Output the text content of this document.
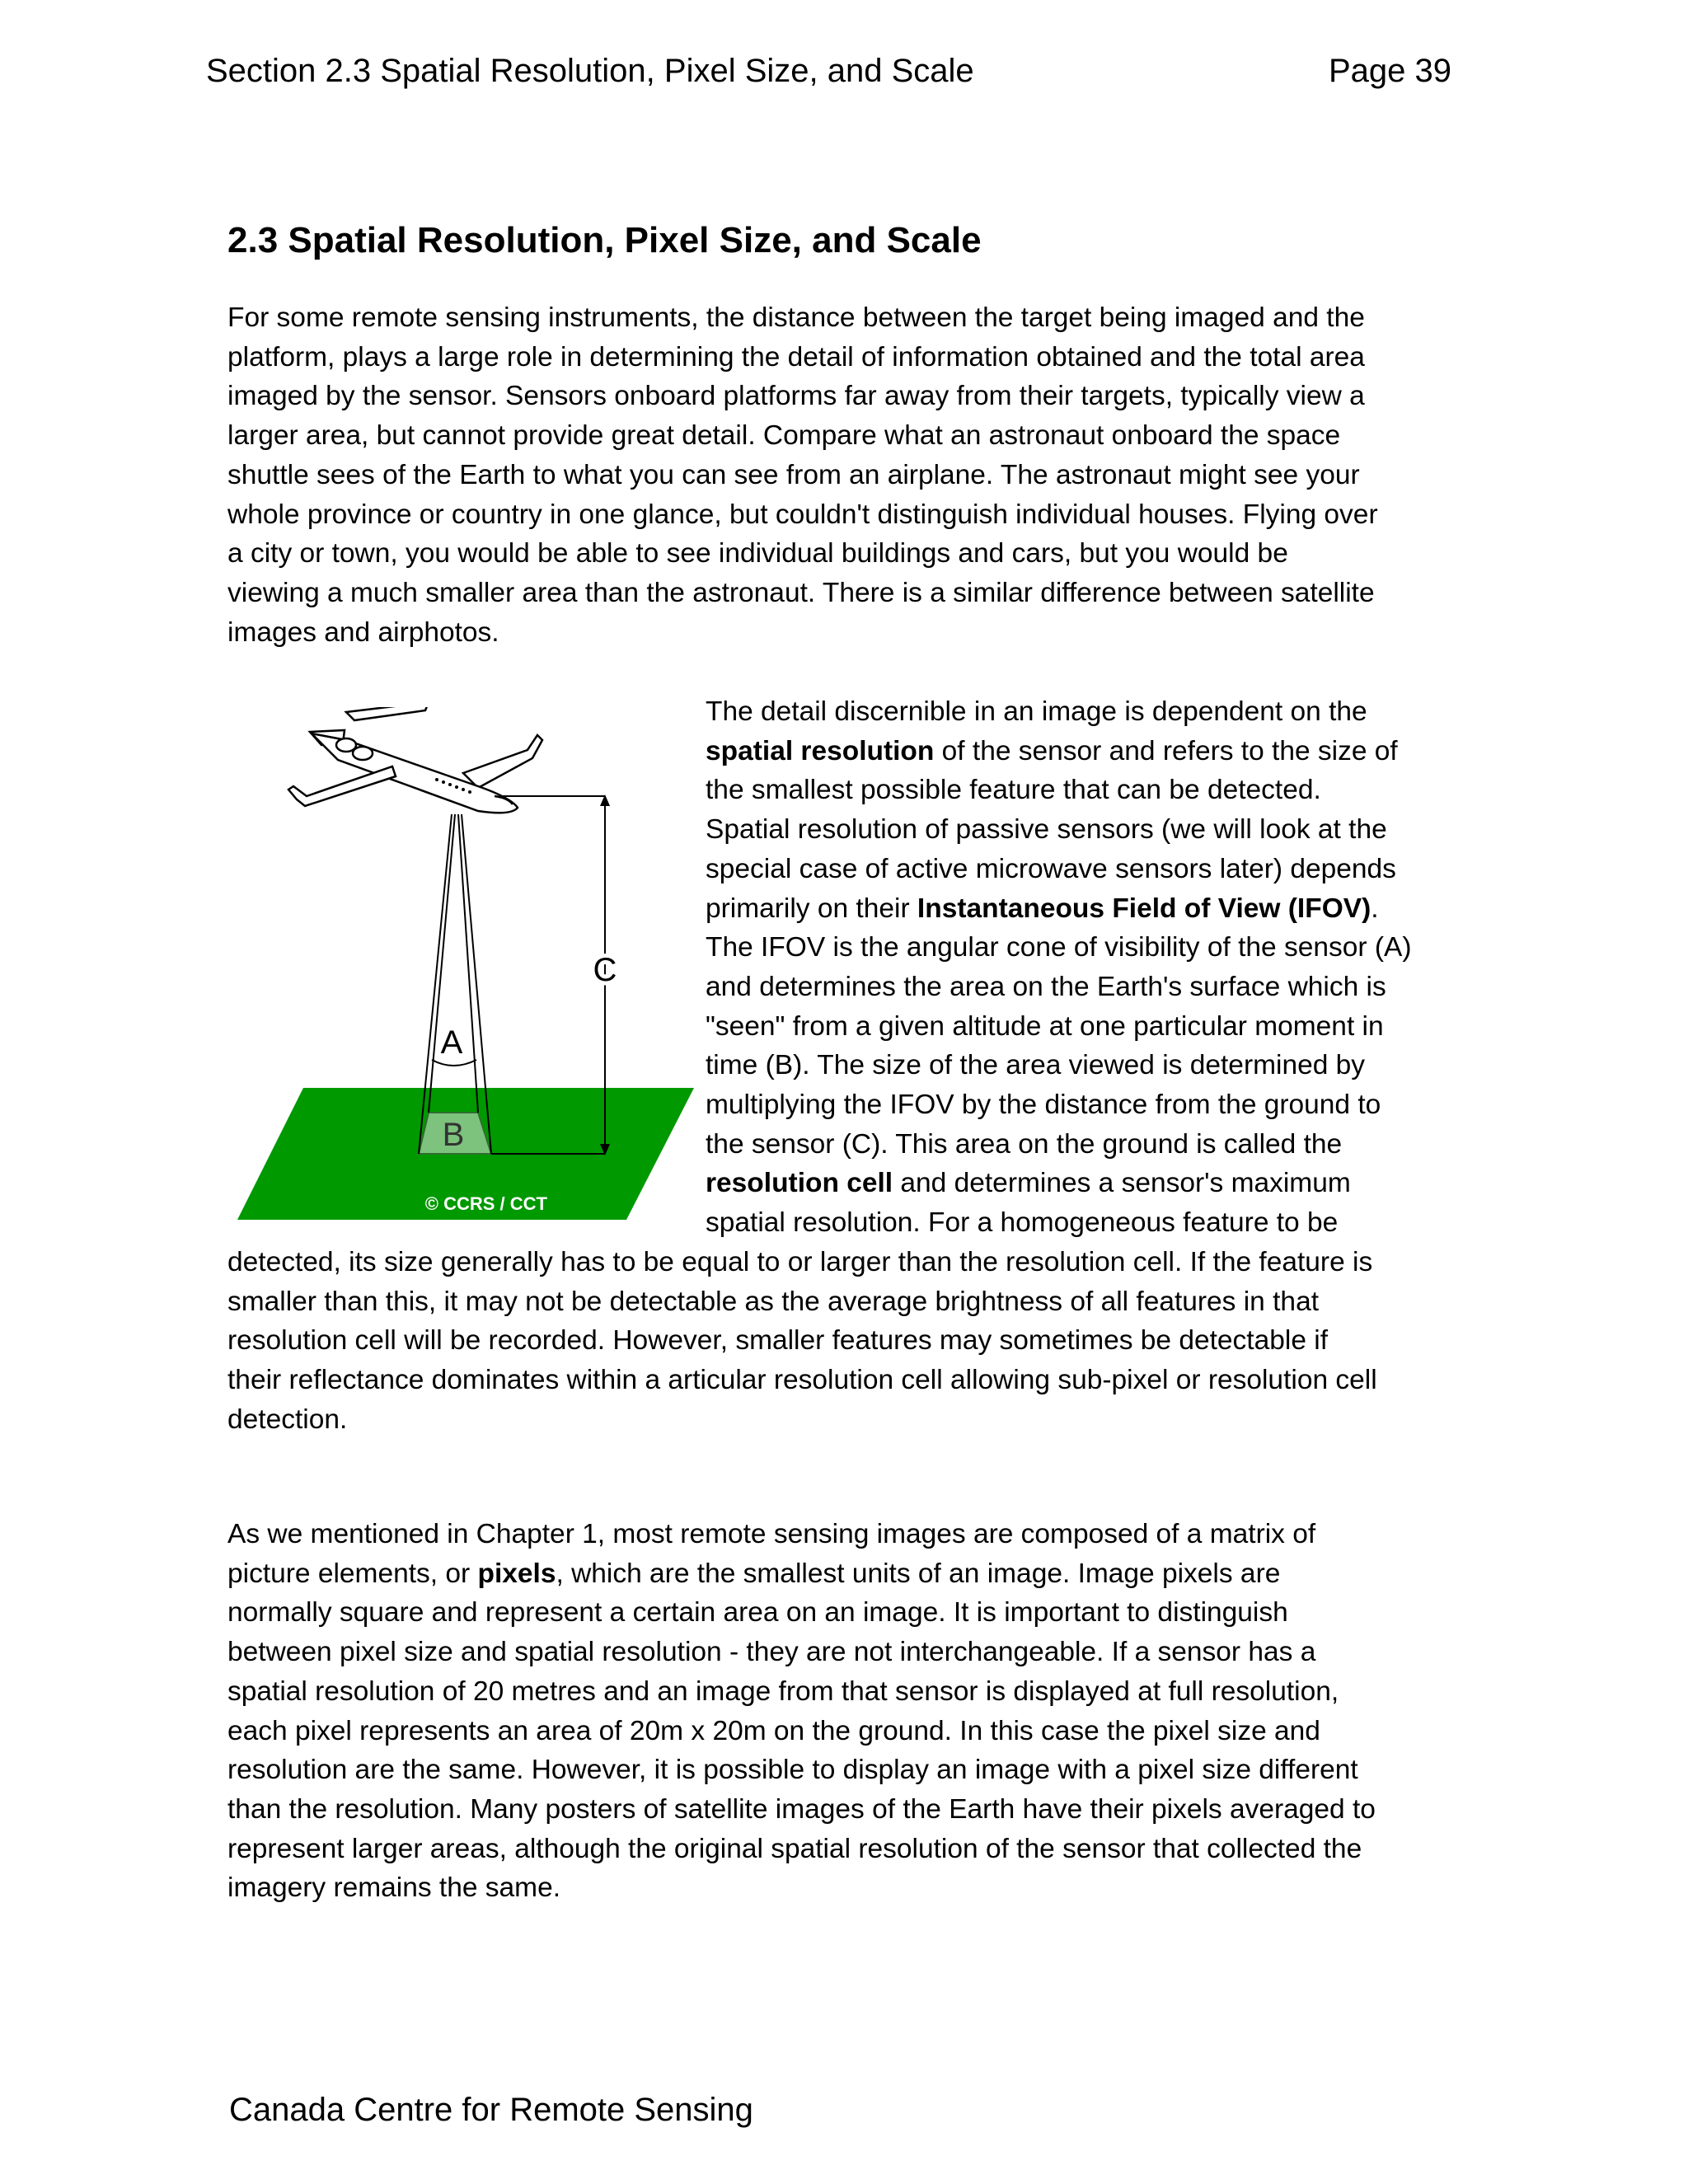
Section 2.3 Spatial Resolution, Pixel Size, and Scale	Page 39
2.3 Spatial Resolution, Pixel Size, and Scale
For some remote sensing instruments, the distance between the target being imaged and the
platform, plays a large role in determining the detail of information obtained and the total area
imaged by the sensor. Sensors onboard platforms far away from their targets, typically view a
larger area, but cannot provide great detail. Compare what an astronaut onboard the space
shuttle sees of the Earth to what you can see from an airplane. The astronaut might see your
whole province or country in one glance, but couldn't distinguish individual houses. Flying over
a city or town, you would be able to see individual buildings and cars, but you would be
viewing a much smaller area than the astronaut. There is a similar difference between satellite
images and airphotos.
A
B
C
© CCRS / CCT
The detail discernible in an image is dependent on the
spatial resolution of the sensor and refers to the size of
the smallest possible feature that can be detected.
Spatial resolution of passive sensors (we will look at the
special case of active microwave sensors later) depends
primarily on their Instantaneous Field of View (IFOV).
The IFOV is the angular cone of visibility of the sensor (A)
and determines the area on the Earth's surface which is
"seen" from a given altitude at one particular moment in
time (B). The size of the area viewed is determined by
multiplying the IFOV by the distance from the ground to
the sensor (C). This area on the ground is called the
resolution cell and determines a sensor's maximum
spatial resolution. For a homogeneous feature to be
detected, its size generally has to be equal to or larger than the resolution cell. If the feature is
smaller than this, it may not be detectable as the average brightness of all features in that
resolution cell will be recorded. However, smaller features may sometimes be detectable if
their reflectance dominates within a articular resolution cell allowing sub-pixel or resolution cell
detection.
As we mentioned in Chapter 1, most remote sensing images are composed of a matrix of
picture elements, or pixels, which are the smallest units of an image. Image pixels are
normally square and represent a certain area on an image. It is important to distinguish
between pixel size and spatial resolution - they are not interchangeable. If a sensor has a
spatial resolution of 20 metres and an image from that sensor is displayed at full resolution,
each pixel represents an area of 20m x 20m on the ground. In this case the pixel size and
resolution are the same. However, it is possible to display an image with a pixel size different
than the resolution. Many posters of satellite images of the Earth have their pixels averaged to
represent larger areas, although the original spatial resolution of the sensor that collected the
imagery remains the same.
Canada Centre for Remote Sensing
